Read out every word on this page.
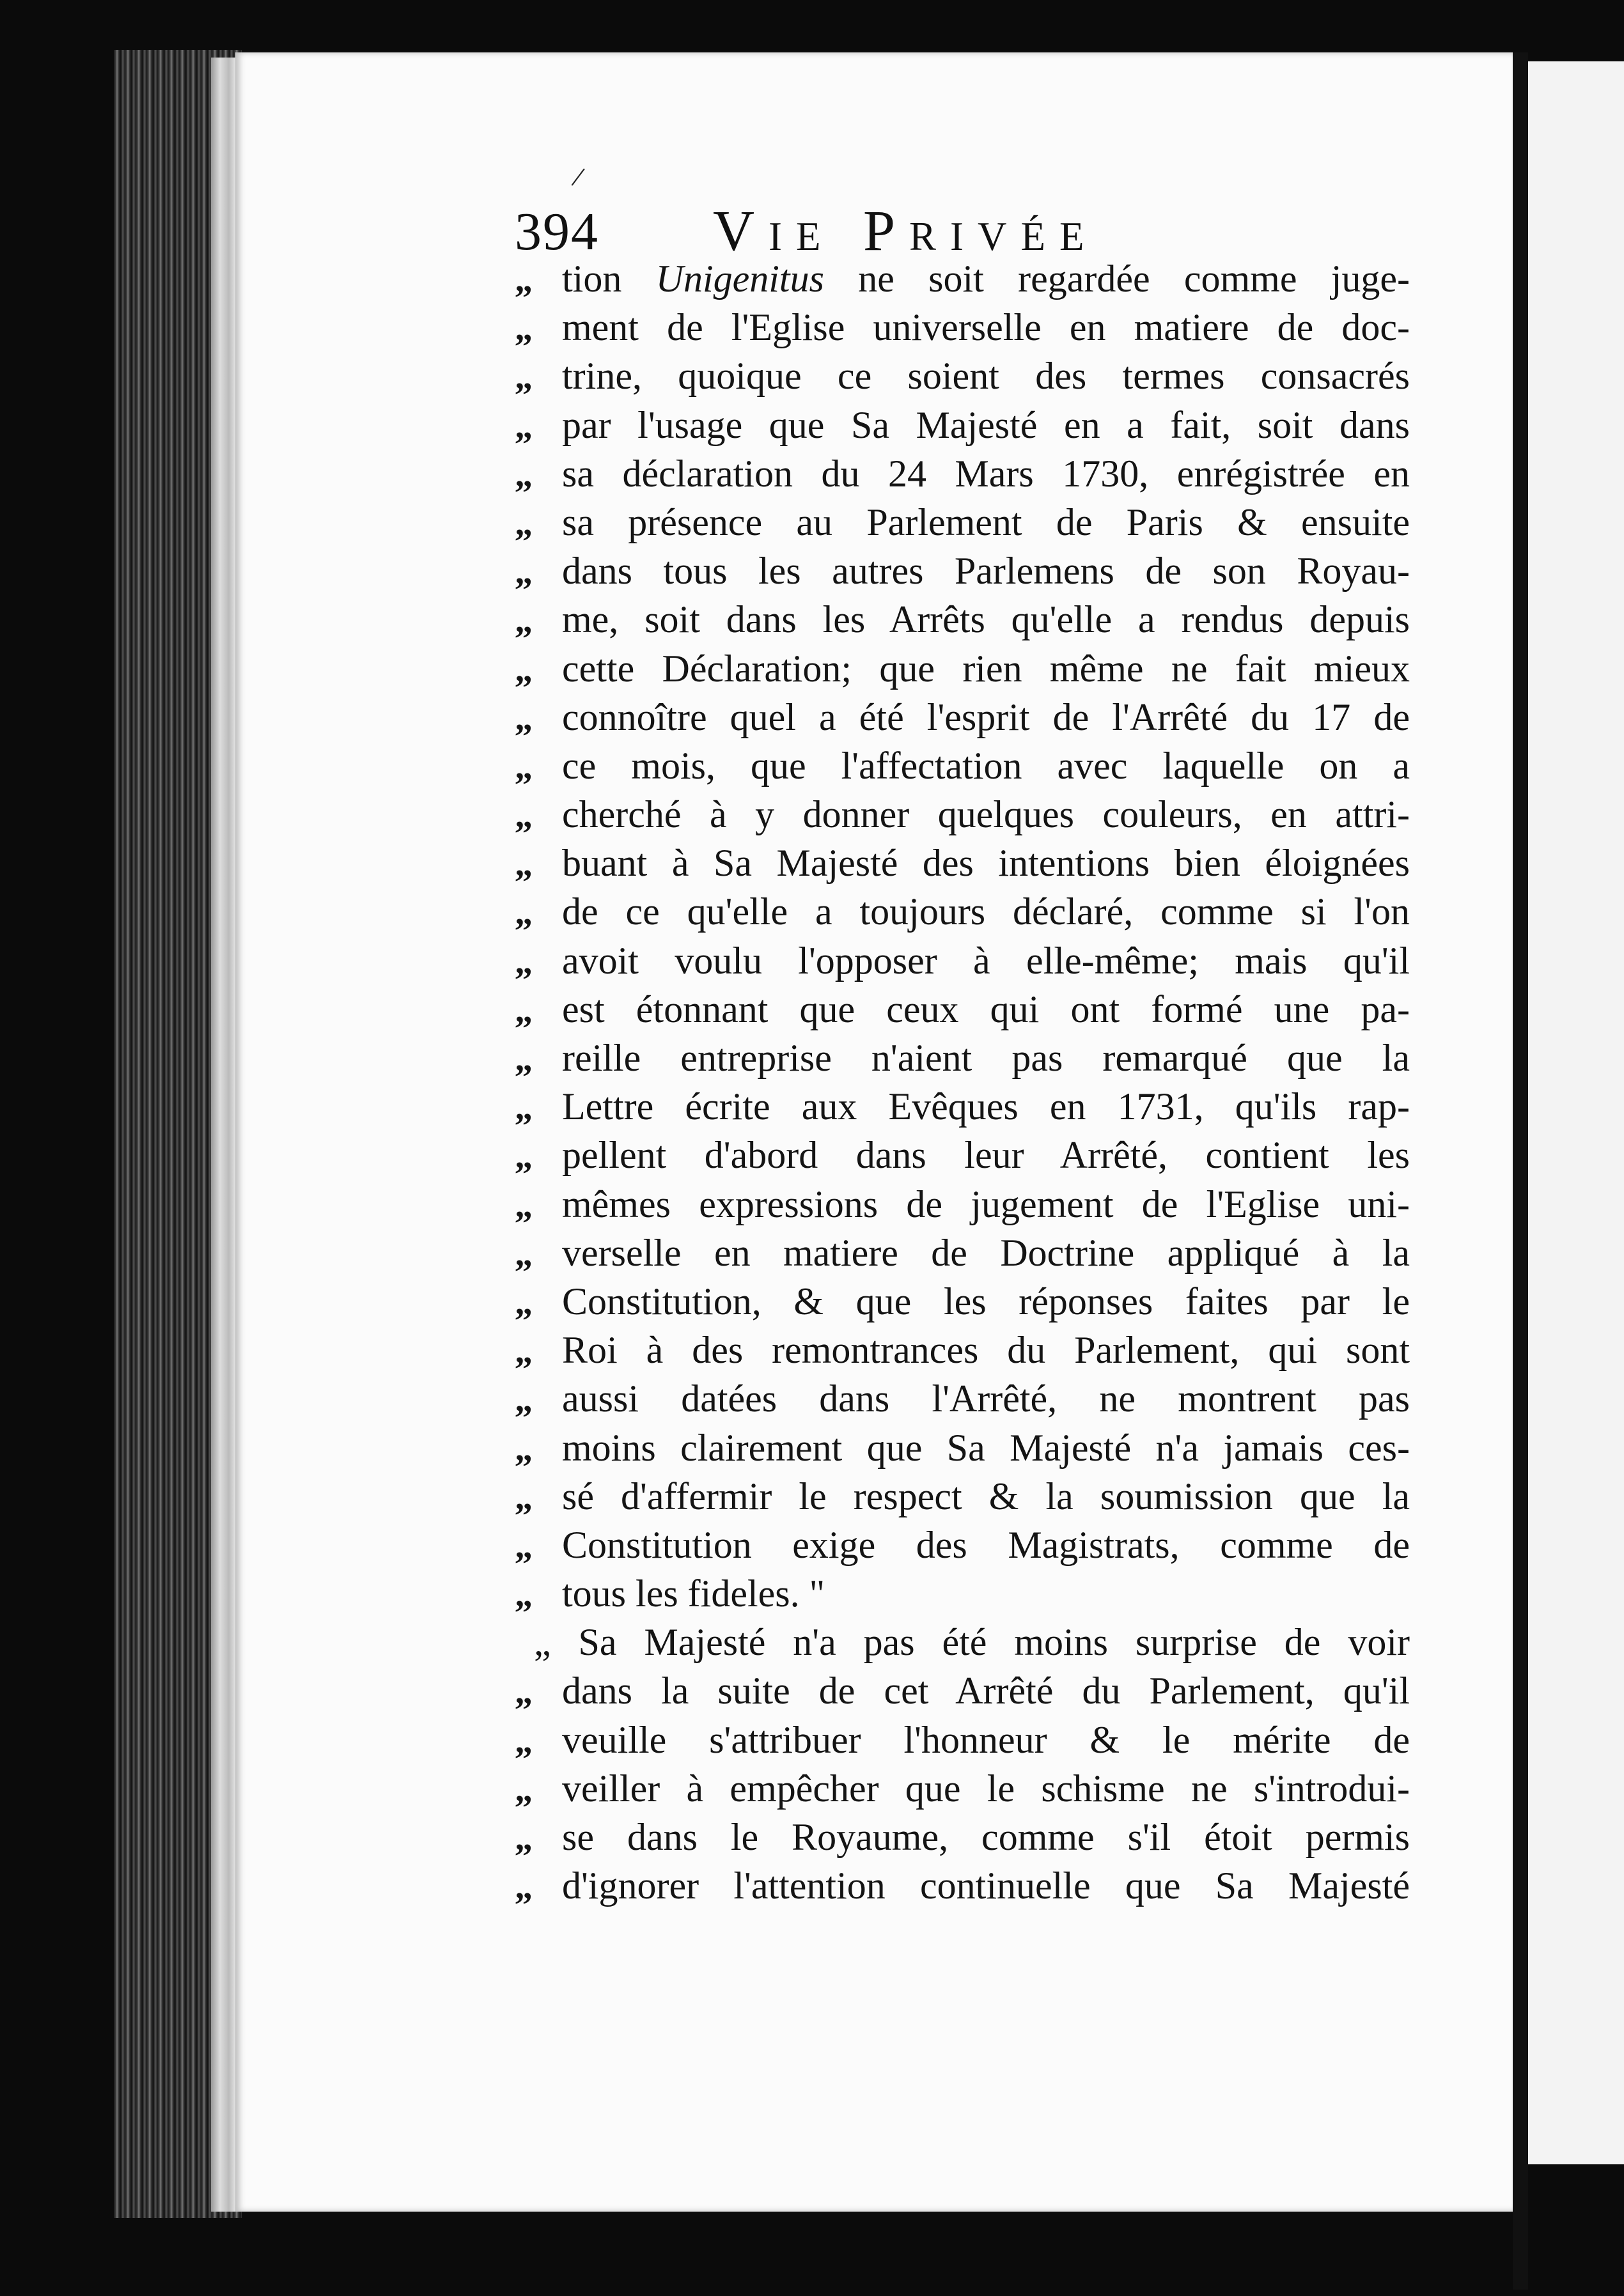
/
394 Vie Privée
„ tion Unigenitus ne soit regardée comme juge-
„ ment de l'Eglise universelle en matiere de doc-
„ trine, quoique ce soient des termes consacrés
„ par l'usage que Sa Majesté en a fait, soit dans
„ sa déclaration du 24 Mars 1730, enrégistrée en
„ sa présence au Parlement de Paris & ensuite
„ dans tous les autres Parlemens de son Royau-
„ me, soit dans les Arrêts qu'elle a rendus depuis
„ cette Déclaration; que rien même ne fait mieux
„ connoître quel a été l'esprit de l'Arrêté du 17 de
„ ce mois, que l'affectation avec laquelle on a
„ cherché à y donner quelques couleurs, en attri-
„ buant à Sa Majesté des intentions bien éloignées
„ de ce qu'elle a toujours déclaré, comme si l'on
„ avoit voulu l'opposer à elle-même; mais qu'il
„ est étonnant que ceux qui ont formé une pa-
„ reille entreprise n'aient pas remarqué que la
„ Lettre écrite aux Evêques en 1731, qu'ils rap-
„ pellent d'abord dans leur Arrêté, contient les
„ mêmes expressions de jugement de l'Eglise uni-
„ verselle en matiere de Doctrine appliqué à la
„ Constitution, & que les réponses faites par le
„ Roi à des remontrances du Parlement, qui sont
„ aussi datées dans l'Arrêté, ne montrent pas
„ moins clairement que Sa Majesté n'a jamais ces-
„ sé d'affermir le respect & la soumission que la
„ Constitution exige des Magistrats, comme de
„ tous les fideles. "
„ Sa Majesté n'a pas été moins surprise de voir
„ dans la suite de cet Arrêté du Parlement, qu'il
„ veuille s'attribuer l'honneur & le mérite de
„ veiller à empêcher que le schisme ne s'introdui-
„ se dans le Royaume, comme s'il étoit permis
„ d'ignorer l'attention continuelle que Sa Majesté
